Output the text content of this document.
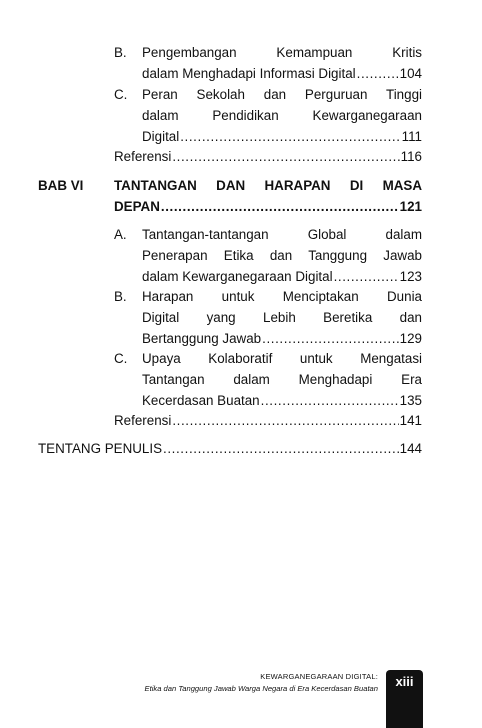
B. Pengembangan Kemampuan Kritis
dalam Menghadapi Informasi Digital .....	104
C. Peran Sekolah dan Perguruan Tinggi
dalam Pendidikan Kewarganegaraan
Digital .....	111
Referensi .....	116
BAB VI TANTANGAN DAN HARAPAN DI MASA
DEPAN .....	121
A. Tantangan-tantangan Global dalam
Penerapan Etika dan Tanggung Jawab
dalam Kewarganegaraan Digital .....	123
B. Harapan untuk Menciptakan Dunia
Digital yang Lebih Beretika dan
Bertanggung Jawab .....	129
C. Upaya Kolaboratif untuk Mengatasi
Tantangan dalam Menghadapi Era
Kecerdasan Buatan .....	135
Referensi .....	141
TENTANG PENULIS .....	144
KEWARGANEGARAAN DIGITAL:
Etika dan Tanggung Jawab Warga Negara di Era Kecerdasan Buatan	xiii
